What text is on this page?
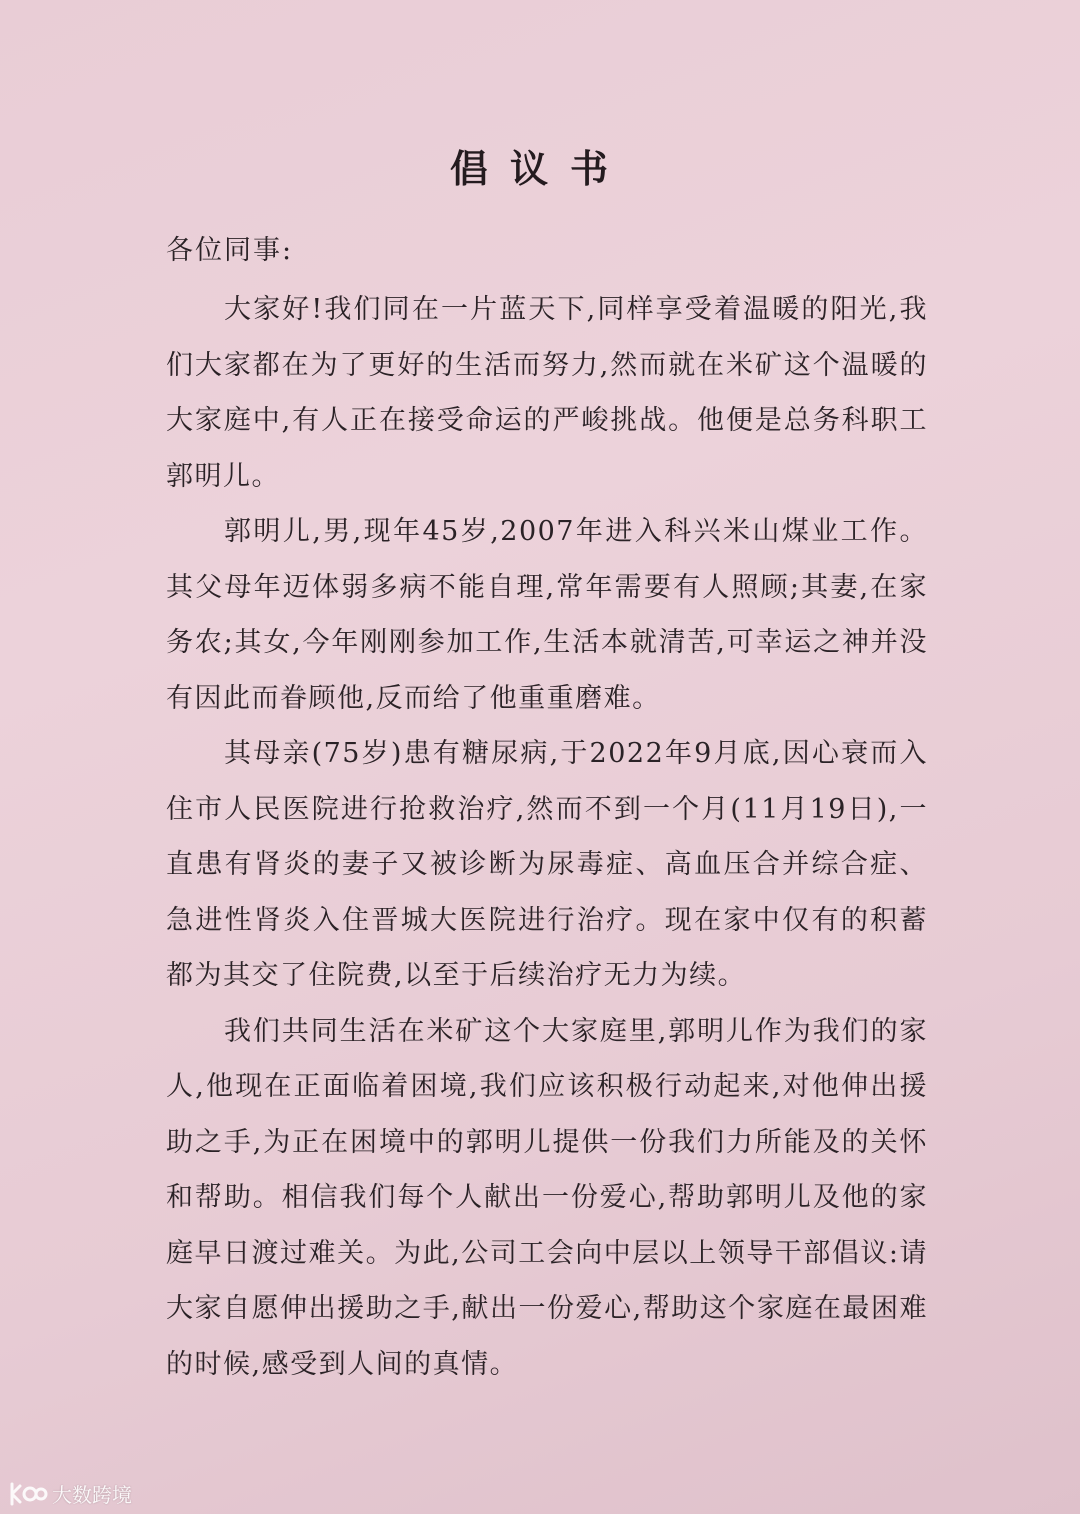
倡议书
各位同事:

大家好!我们同在一片蓝天下,同样享受着温暖的阳光,我们大家都在为了更好的生活而努力,然而就在米矿这个温暖的大家庭中,有人正在接受命运的严峻挑战。他便是总务科职工郭明儿。

郭明儿,男,现年45岁,2007年进入科兴米山煤业工作。其父母年迈体弱多病不能自理,常年需要有人照顾;其妻,在家务农;其女,今年刚刚参加工作,生活本就清苦,可幸运之神并没有因此而眷顾他,反而给了他重重磨难。

其母亲(75岁)患有糖尿病,于2022年9月底,因心衰而入住市人民医院进行抢救治疗,然而不到一个月(11月19日),一直患有肾炎的妻子又被诊断为尿毒症、高血压合并综合症、急进性肾炎入住晋城大医院进行治疗。现在家中仅有的积蓄都为其交了住院费,以至于后续治疗无力为续。

我们共同生活在米矿这个大家庭里,郭明儿作为我们的家人,他现在正面临着困境,我们应该积极行动起来,对他伸出援助之手,为正在困境中的郭明儿提供一份我们力所能及的关怀和帮助。相信我们每个人献出一份爱心,帮助郭明儿及他的家庭早日渡过难关。为此,公司工会向中层以上领导干部倡议:请大家自愿伸出援助之手,献出一份爱心,帮助这个家庭在最困难的时候,感受到人间的真情。

大数跨境
